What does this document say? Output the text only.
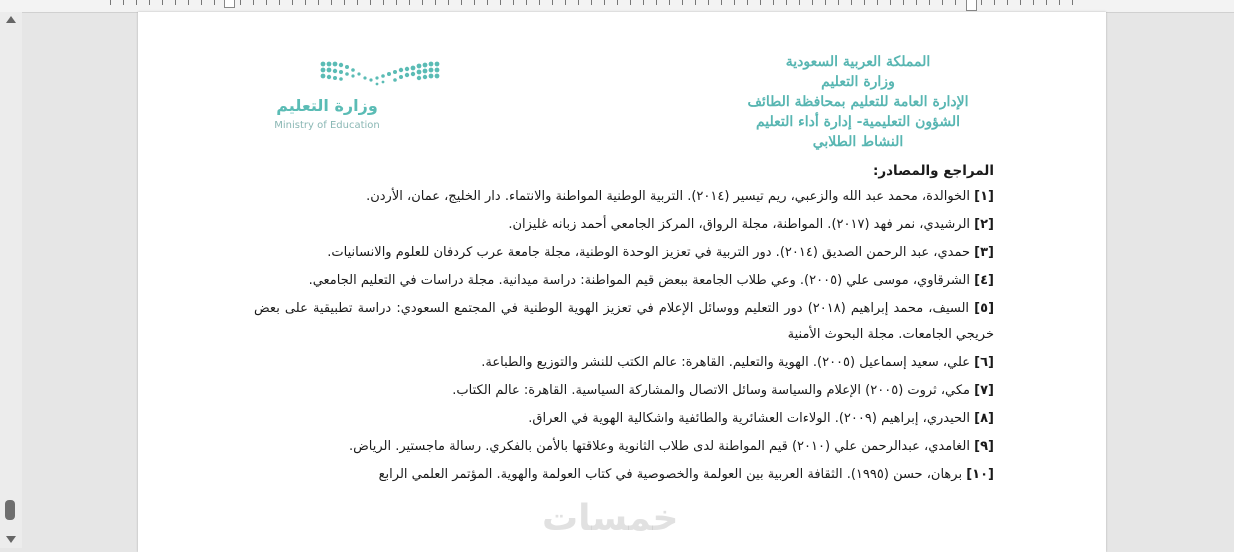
المملكة العربية السعودية
وزارة التعليم
الإدارة العامة للتعليم بمحافظة الطائف
الشؤون التعليمية- إدارة أداء التعليم
النشاط الطلابي
وزارة التعليم
Ministry of Education
المراجع والمصادر:
[١] الخوالدة، محمد عبد الله والزعبي، ريم تيسير (٢٠١٤). التربية الوطنية المواطنة والانتماء. دار الخليج، عمان، الأردن.
[٢] الرشيدي، نمر فهد (٢٠١٧). المواطنة، مجلة الرواق، المركز الجامعي أحمد زبانه غليزان.
[٣] حمدي، عبد الرحمن الصديق (٢٠١٤). دور التربية في تعزيز الوحدة الوطنية، مجلة جامعة عرب كردفان للعلوم والانسانيات.
[٤] الشرقاوي، موسى علي (٢٠٠٥). وعي طلاب الجامعة ببعض قيم المواطنة: دراسة ميدانية. مجلة دراسات في التعليم الجامعي.
[٥] السيف، محمد إبراهيم (٢٠١٨) دور التعليم ووسائل الإعلام في تعزيز الهوية الوطنية في المجتمع السعودي: دراسة تطبيقية على بعض خريجي الجامعات. مجلة البحوث الأمنية
[٦] علي، سعيد إسماعيل (٢٠٠٥). الهوية والتعليم. القاهرة: عالم الكتب للنشر والتوزيع والطباعة.
[٧] مكي، ثروت (٢٠٠٥) الإعلام والسياسة وسائل الاتصال والمشاركة السياسية. القاهرة: عالم الكتاب.
[٨] الحيدري، إبراهيم (٢٠٠٩). الولاءات العشائرية والطائفية واشكالية الهوية في العراق.
[٩] الغامدي، عبدالرحمن علي (٢٠١٠) قيم المواطنة لدى طلاب الثانوية وعلاقتها بالأمن بالفكري. رسالة ماجستير. الرياض.
[١٠] برهان، حسن (١٩٩٥). الثقافة العربية بين العولمة والخصوصية في كتاب العولمة والهوية. المؤتمر العلمي الرابع
خمسات
